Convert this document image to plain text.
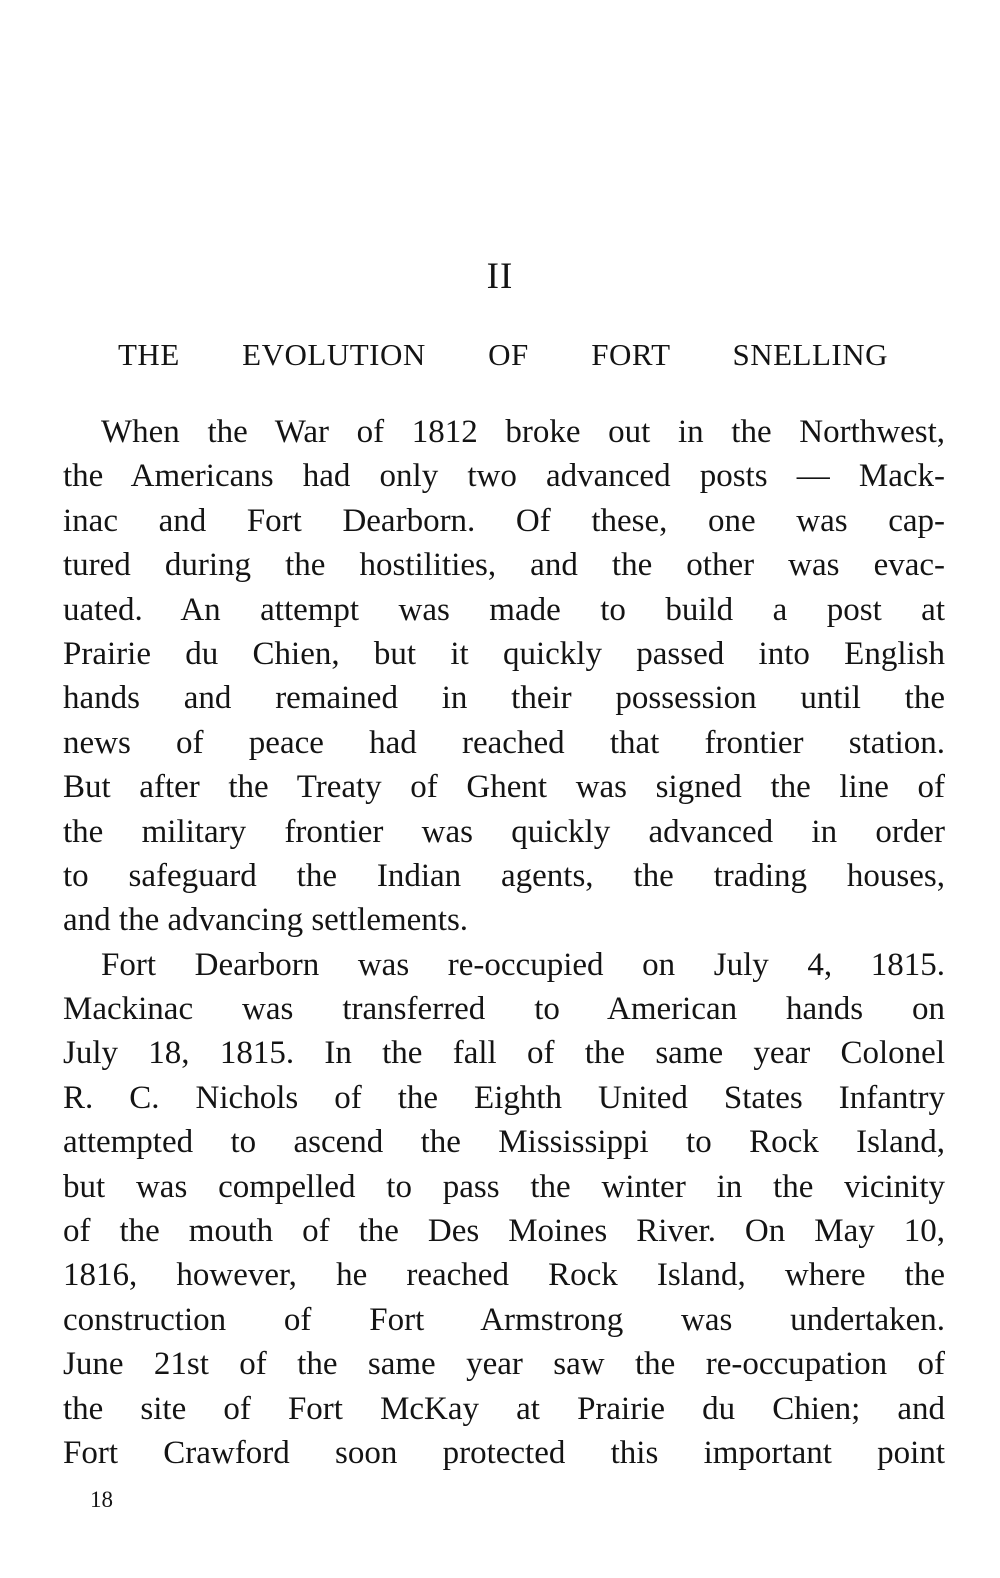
II
THE EVOLUTION OF FORT SNELLING
When the War of 1812 broke out in the Northwest,
the Americans had only two advanced posts — Mack-
inac and Fort Dearborn. Of these, one was cap-
tured during the hostilities, and the other was evac-
uated. An attempt was made to build a post at
Prairie du Chien, but it quickly passed into English
hands and remained in their possession until the
news of peace had reached that frontier station.
But after the Treaty of Ghent was signed the line of
the military frontier was quickly advanced in order
to safeguard the Indian agents, the trading houses,
and the advancing settlements.
Fort Dearborn was re-occupied on July 4, 1815.
Mackinac was transferred to American hands on
July 18, 1815. In the fall of the same year Colonel
R. C. Nichols of the Eighth United States Infantry
attempted to ascend the Mississippi to Rock Island,
but was compelled to pass the winter in the vicinity
of the mouth of the Des Moines River. On May 10,
1816, however, he reached Rock Island, where the
construction of Fort Armstrong was undertaken.
June 21st of the same year saw the re-occupation of
the site of Fort McKay at Prairie du Chien; and
Fort Crawford soon protected this important point
18
